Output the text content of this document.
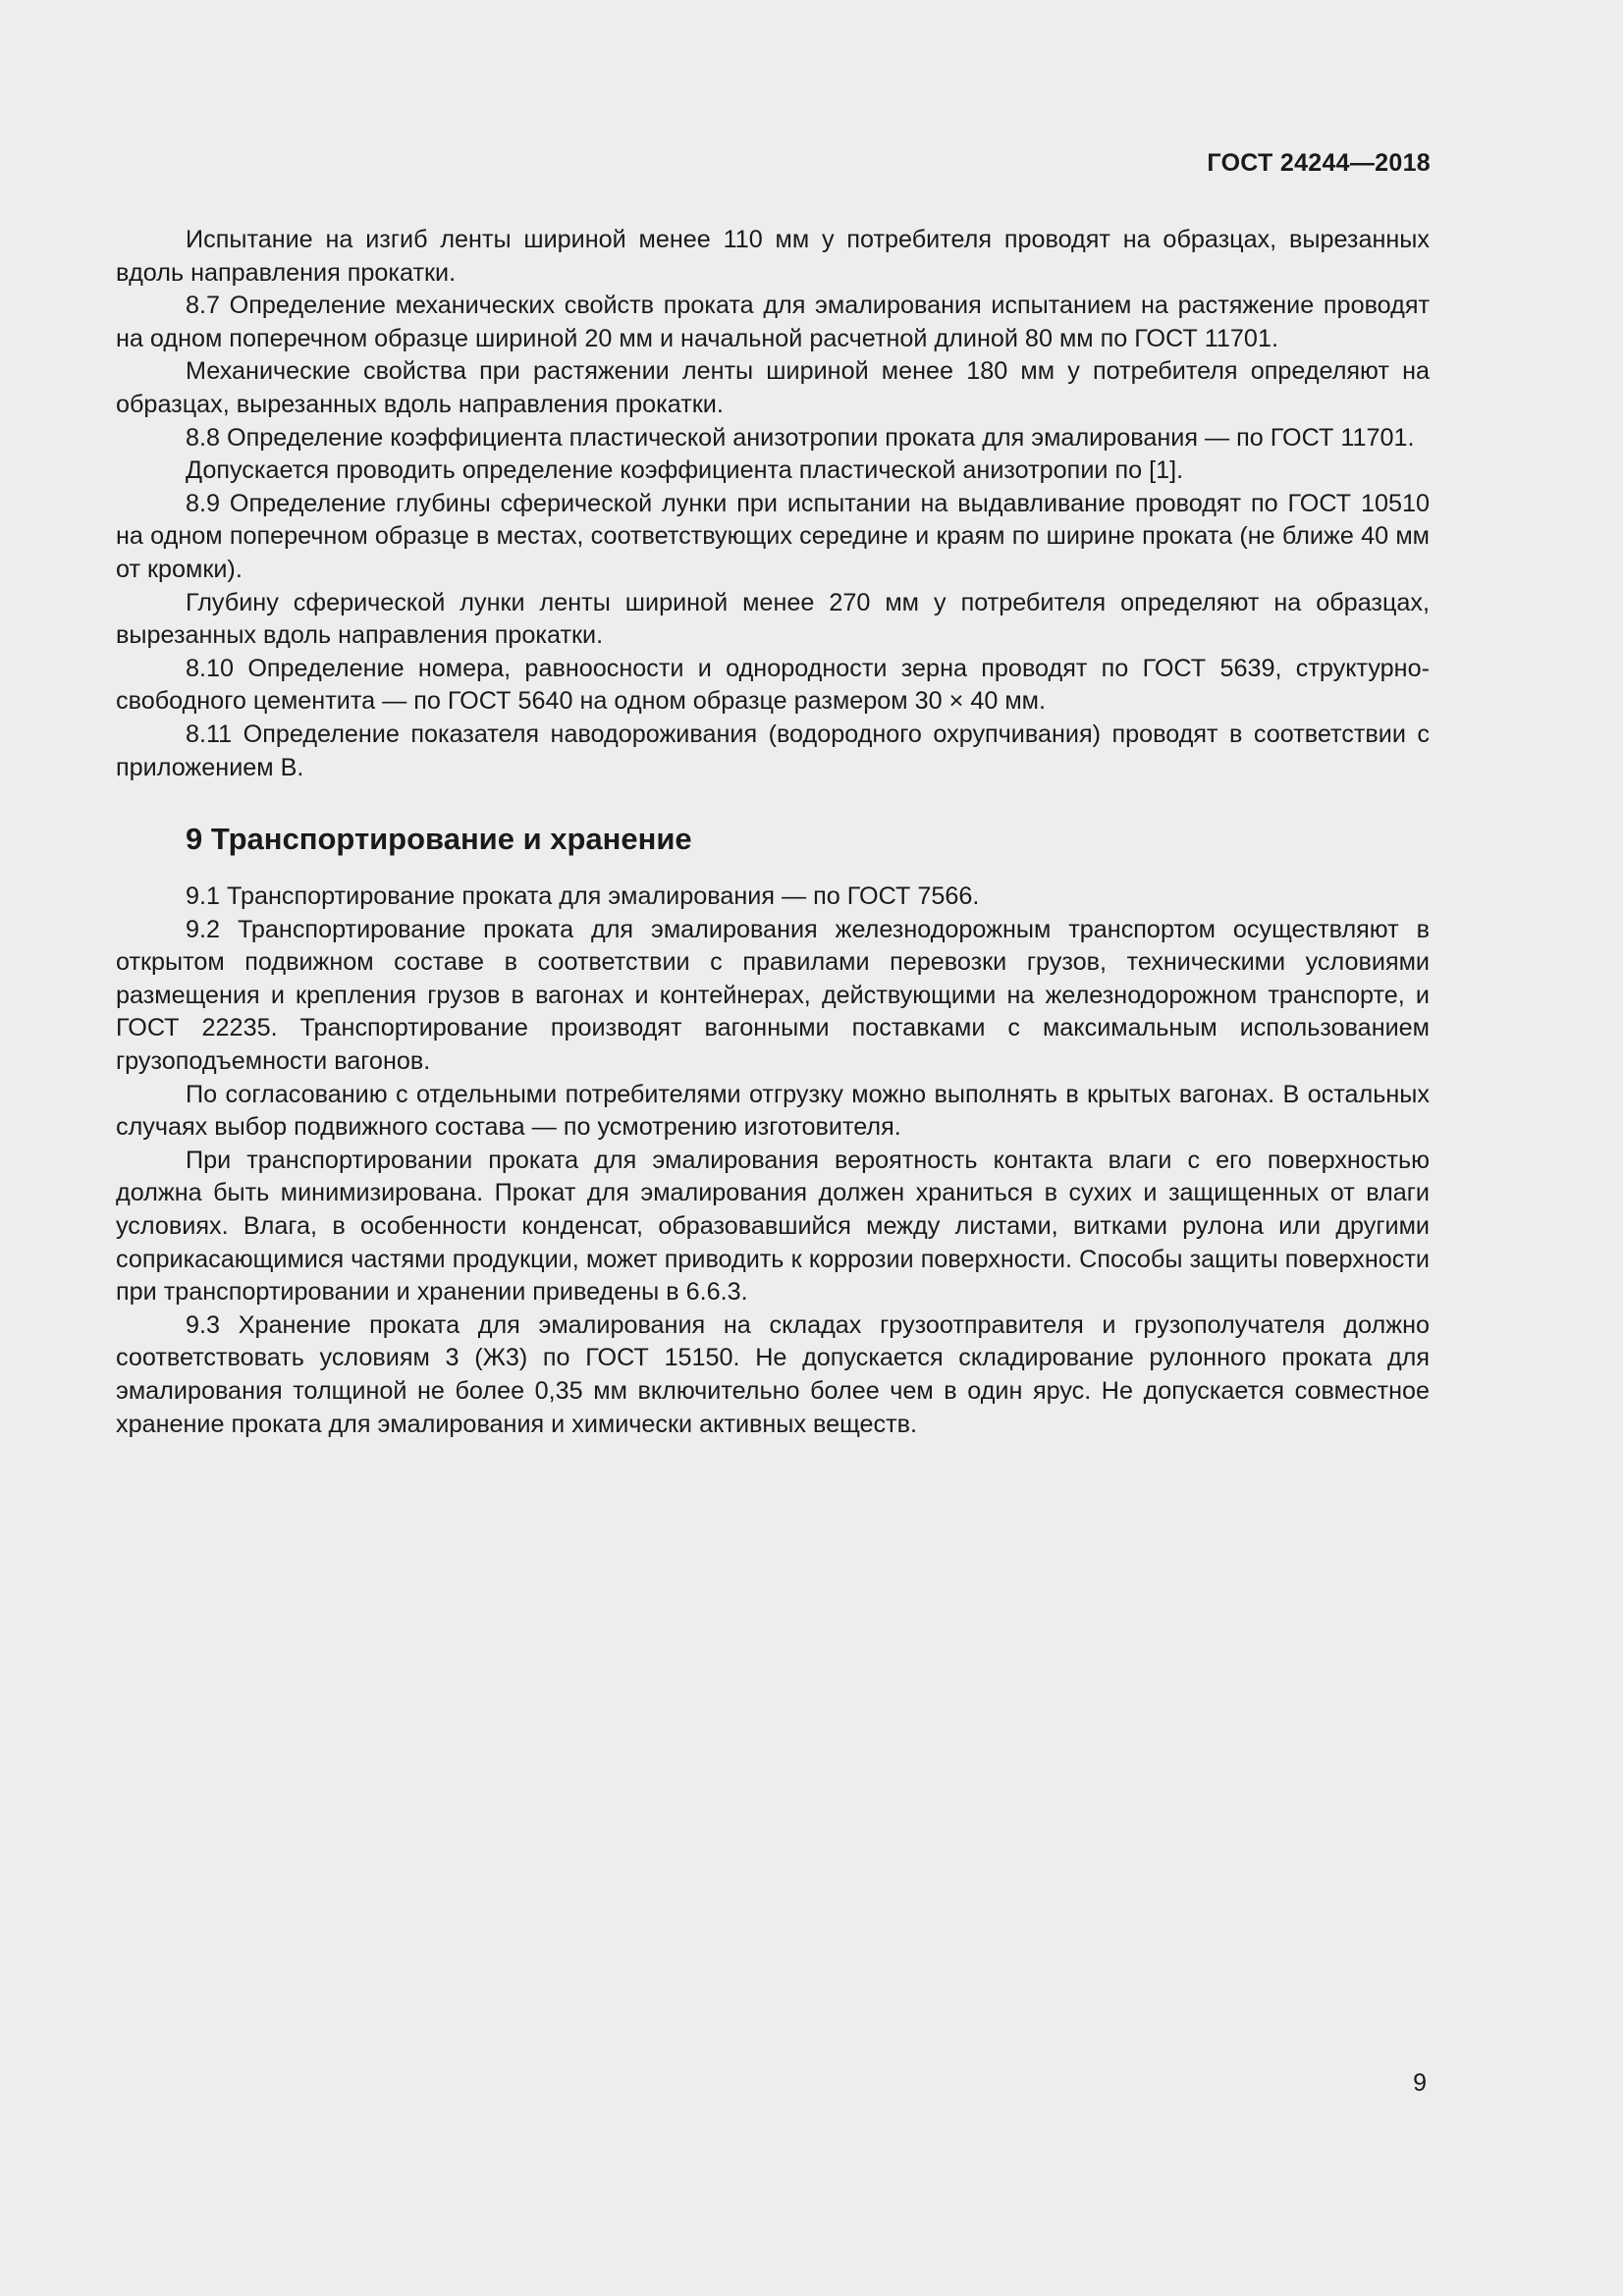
ГОСТ 24244—2018

Испытание на изгиб ленты шириной менее 110 мм у потребителя проводят на образцах, вырезанных вдоль направления прокатки.

8.7 Определение механических свойств проката для эмалирования испытанием на растяжение проводят на одном поперечном образце шириной 20 мм и начальной расчетной длиной 80 мм по ГОСТ 11701.

Механические свойства при растяжении ленты шириной менее 180 мм у потребителя определяют на образцах, вырезанных вдоль направления прокатки.

8.8 Определение коэффициента пластической анизотропии проката для эмалирования — по ГОСТ 11701.

Допускается проводить определение коэффициента пластической анизотропии по [1].

8.9 Определение глубины сферической лунки при испытании на выдавливание проводят по ГОСТ 10510 на одном поперечном образце в местах, соответствующих середине и краям по ширине проката (не ближе 40 мм от кромки).

Глубину сферической лунки ленты шириной менее 270 мм у потребителя определяют на образцах, вырезанных вдоль направления прокатки.

8.10 Определение номера, равноосности и однородности зерна проводят по ГОСТ 5639, структурно-свободного цементита — по ГОСТ 5640 на одном образце размером 30 × 40 мм.

8.11 Определение показателя наводороживания (водородного охрупчивания) проводят в соответствии с приложением В.

9 Транспортирование и хранение

9.1 Транспортирование проката для эмалирования — по ГОСТ 7566.

9.2 Транспортирование проката для эмалирования железнодорожным транспортом осуществляют в открытом подвижном составе в соответствии с правилами перевозки грузов, техническими условиями размещения и крепления грузов в вагонах и контейнерах, действующими на железнодорожном транспорте, и ГОСТ 22235. Транспортирование производят вагонными поставками с максимальным использованием грузоподъемности вагонов.

По согласованию с отдельными потребителями отгрузку можно выполнять в крытых вагонах. В остальных случаях выбор подвижного состава — по усмотрению изготовителя.

При транспортировании проката для эмалирования вероятность контакта влаги с его поверхностью должна быть минимизирована. Прокат для эмалирования должен храниться в сухих и защищенных от влаги условиях. Влага, в особенности конденсат, образовавшийся между листами, витками рулона или другими соприкасающимися частями продукции, может приводить к коррозии поверхности. Способы защиты поверхности при транспортировании и хранении приведены в 6.6.3.

9.3 Хранение проката для эмалирования на складах грузоотправителя и грузополучателя должно соответствовать условиям 3 (Ж3) по ГОСТ 15150. Не допускается складирование рулонного проката для эмалирования толщиной не более 0,35 мм включительно более чем в один ярус. Не допускается совместное хранение проката для эмалирования и химически активных веществ.

9
